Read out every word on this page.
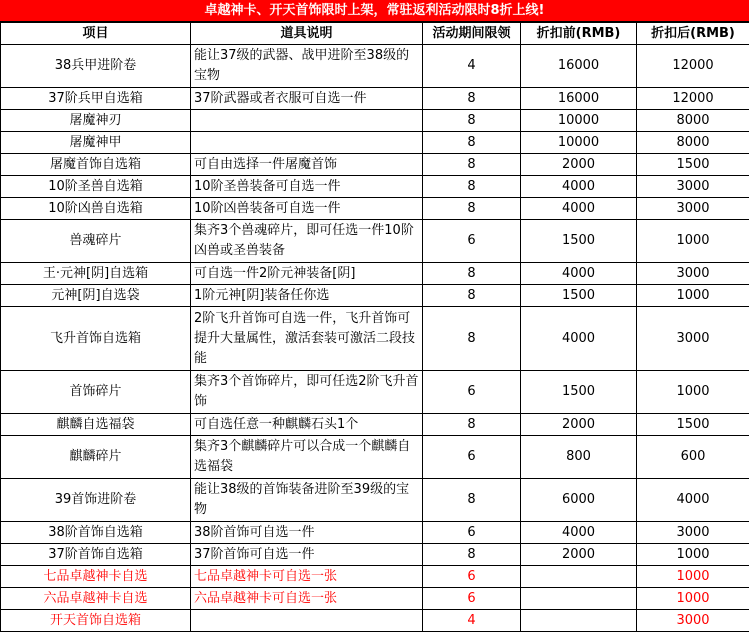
卓越神卡、开天首饰限时上架，常驻返利活动限时8折上线!
项目	道具说明	活动期间限领	折扣前(RMB)	折扣后(RMB)
38兵甲进阶卷	能让37级的武器、战甲进阶至38级的宝物	4	16000	12000
37阶兵甲自选箱	37阶武器或者衣服可自选一件	8	16000	12000
屠魔神刃		8	10000	8000
屠魔神甲		8	10000	8000
屠魔首饰自选箱	可自由选择一件屠魔首饰	8	2000	1500
10阶圣兽自选箱	10阶圣兽装备可自选一件	8	4000	3000
10阶凶兽自选箱	10阶凶兽装备可自选一件	8	4000	3000
兽魂碎片	集齐3个兽魂碎片，即可任选一件10阶凶兽或圣兽装备	6	1500	1000
王·元神[阴]自选箱	可自选一件2阶元神装备[阴]	8	4000	3000
元神[阴]自选袋	1阶元神[阴]装备任你选	8	1500	1000
飞升首饰自选箱	2阶飞升首饰可自选一件，飞升首饰可提升大量属性，激活套装可激活二段技能	8	4000	3000
首饰碎片	集齐3个首饰碎片，即可任选2阶飞升首饰	6	1500	1000
麒麟自选福袋	可自选任意一种麒麟石头1个	8	2000	1500
麒麟碎片	集齐3个麒麟碎片可以合成一个麒麟自选福袋	6	800	600
39首饰进阶卷	能让38级的首饰装备进阶至39级的宝物	8	6000	4000
38阶首饰自选箱	38阶首饰可自选一件	6	4000	3000
37阶首饰自选箱	37阶首饰可自选一件	8	2000	1000
七品卓越神卡自选	七品卓越神卡可自选一张	6		1000
六品卓越神卡自选	六品卓越神卡可自选一张	6		1000
开天首饰自选箱		4		3000
